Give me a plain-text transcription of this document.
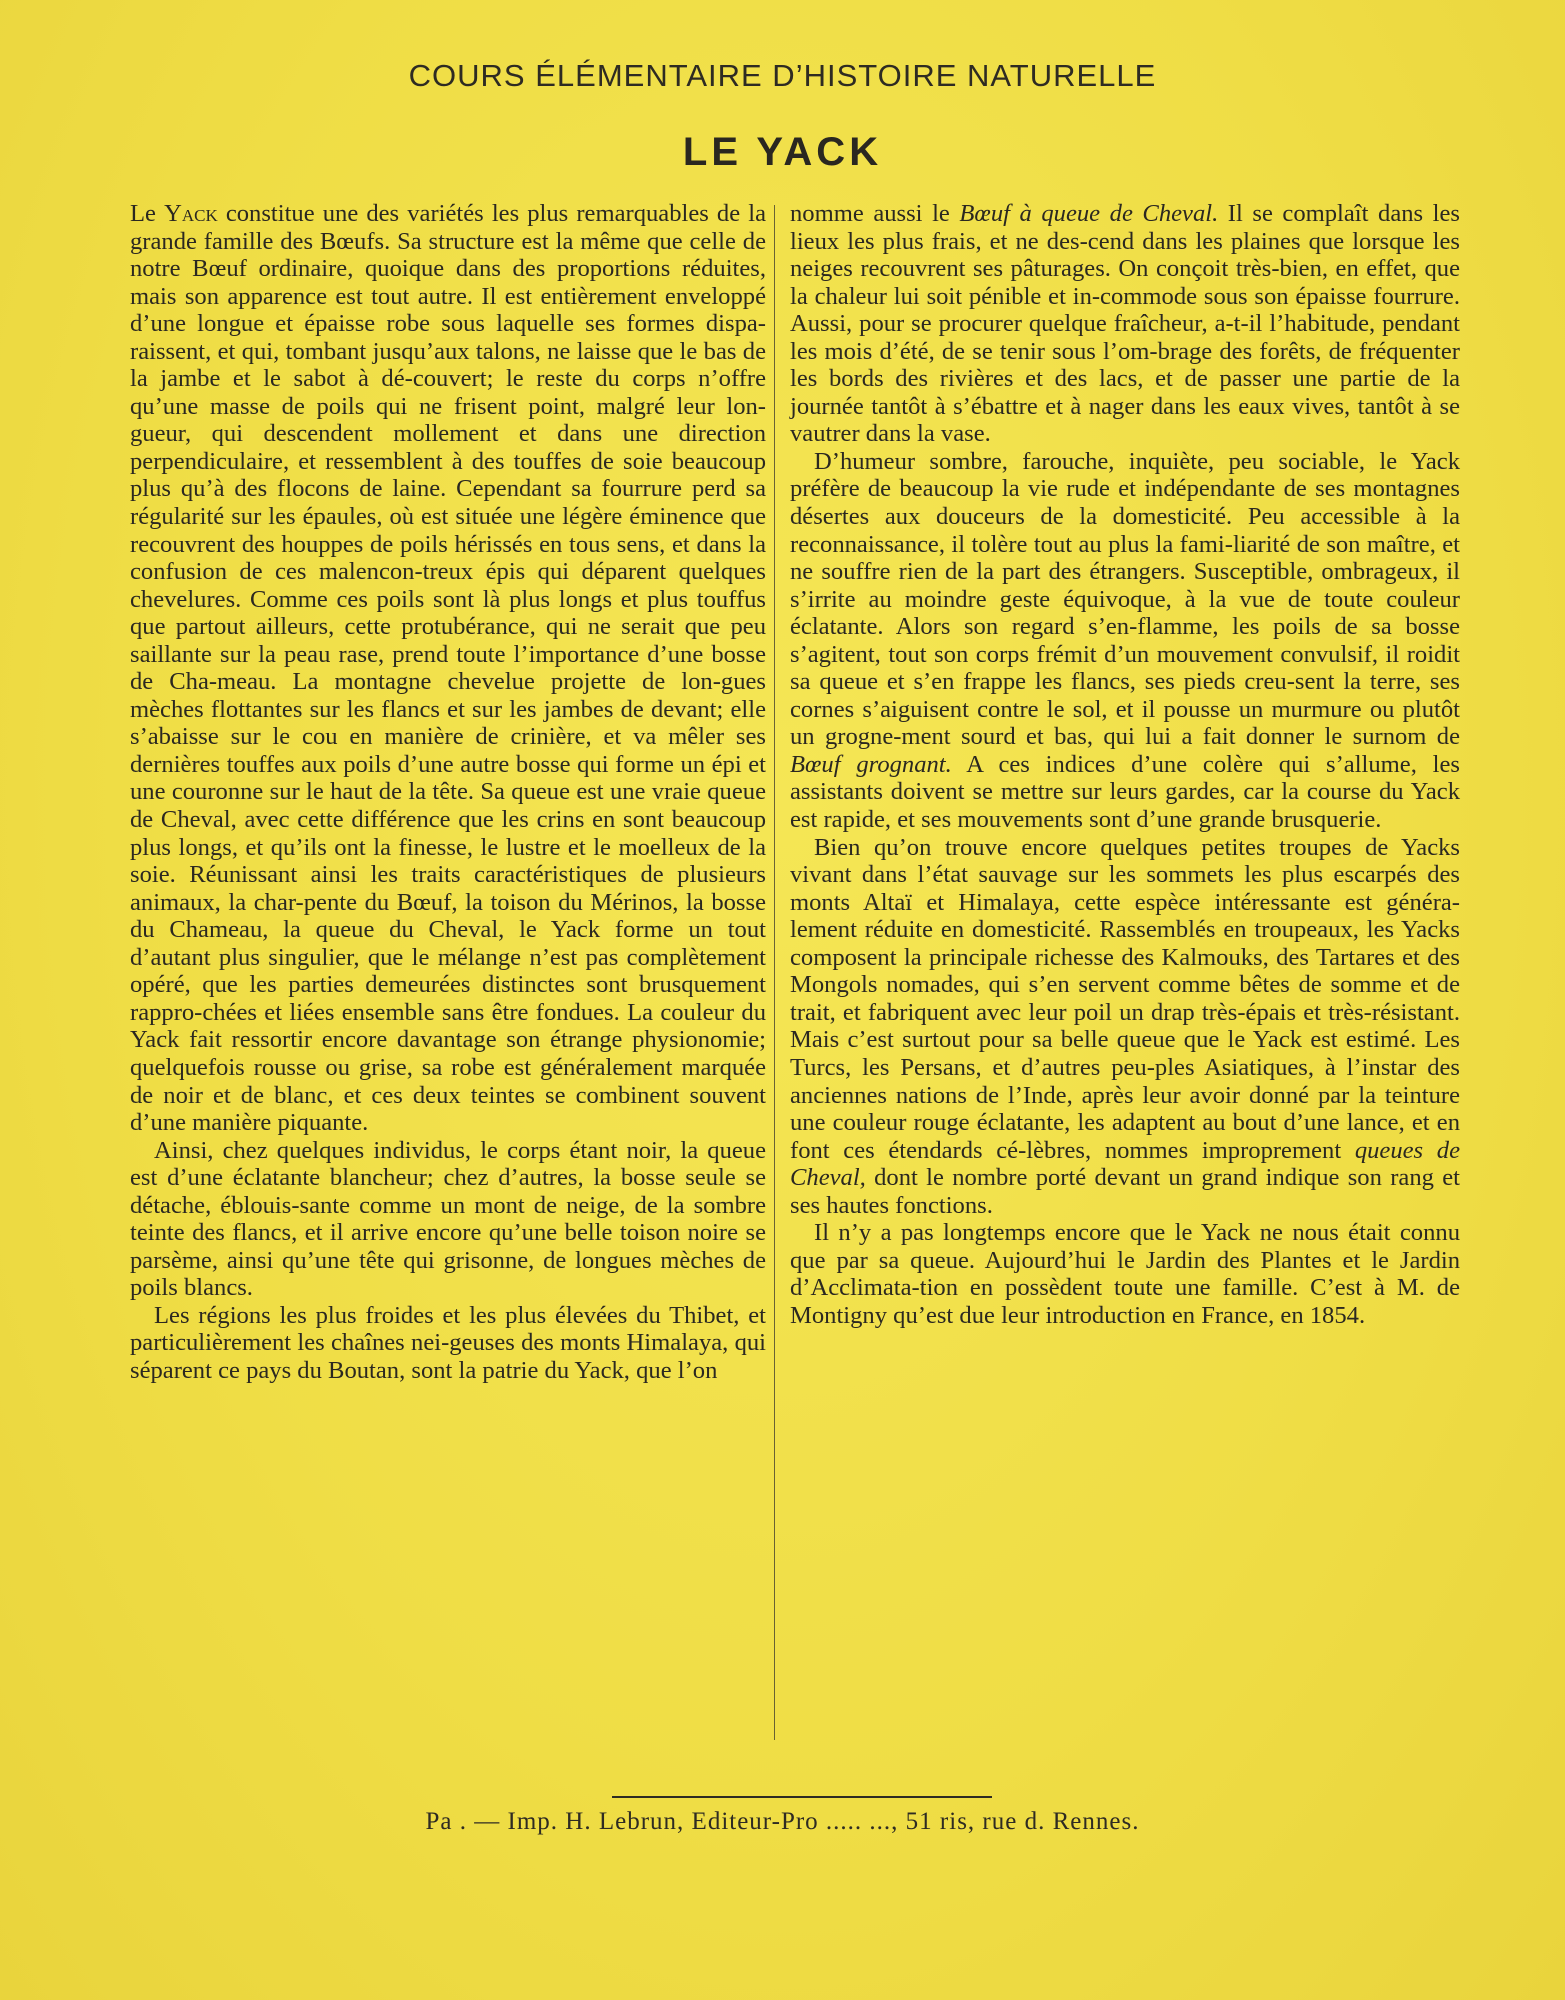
COURS ÉLÉMENTAIRE D’HISTOIRE NATURELLE
LE YACK

Le Yack constitue une des variétés les plus remarquables de la grande famille des Bœufs. Sa structure est la même que celle de notre Bœuf ordinaire, quoique dans des proportions réduites, mais son apparence est tout autre. Il est entièrement enveloppé d’une longue et épaisse robe sous laquelle ses formes dispa-raissent, et qui, tombant jusqu’aux talons, ne laisse que le bas de la jambe et le sabot à dé-couvert; le reste du corps n’offre qu’une masse de poils qui ne frisent point, malgré leur lon-gueur, qui descendent mollement et dans une direction perpendiculaire, et ressemblent à des touffes de soie beaucoup plus qu’à des flocons de laine. Cependant sa fourrure perd sa régularité sur les épaules, où est située une légère éminence que recouvrent des houppes de poils hérissés en tous sens, et dans la confusion de ces malencon-treux épis qui déparent quelques chevelures. Comme ces poils sont là plus longs et plus touffus que partout ailleurs, cette protubérance, qui ne serait que peu saillante sur la peau rase, prend toute l’importance d’une bosse de Cha-meau. La montagne chevelue projette de lon-gues mèches flottantes sur les flancs et sur les jambes de devant; elle s’abaisse sur le cou en manière de crinière, et va mêler ses dernières touffes aux poils d’une autre bosse qui forme un épi et une couronne sur le haut de la tête. Sa queue est une vraie queue de Cheval, avec cette différence que les crins en sont beaucoup plus longs, et qu’ils ont la finesse, le lustre et le moelleux de la soie. Réunissant ainsi les traits caractéristiques de plusieurs animaux, la char-pente du Bœuf, la toison du Mérinos, la bosse du Chameau, la queue du Cheval, le Yack forme un tout d’autant plus singulier, que le mélange n’est pas complètement opéré, que les parties demeurées distinctes sont brusquement rappro-chées et liées ensemble sans être fondues. La couleur du Yack fait ressortir encore davantage son étrange physionomie; quelquefois rousse ou grise, sa robe est généralement marquée de noir et de blanc, et ces deux teintes se combinent souvent d’une manière piquante.

Ainsi, chez quelques individus, le corps étant noir, la queue est d’une éclatante blancheur; chez d’autres, la bosse seule se détache, éblouis-sante comme un mont de neige, de la sombre teinte des flancs, et il arrive encore qu’une belle toison noire se parsème, ainsi qu’une tête qui grisonne, de longues mèches de poils blancs.

Les régions les plus froides et les plus élevées du Thibet, et particulièrement les chaînes nei-geuses des monts Himalaya, qui séparent ce pays du Boutan, sont la patrie du Yack, que l’on

nomme aussi le Bœuf à queue de Cheval. Il se complaît dans les lieux les plus frais, et ne des-cend dans les plaines que lorsque les neiges recouvrent ses pâturages. On conçoit très-bien, en effet, que la chaleur lui soit pénible et in-commode sous son épaisse fourrure. Aussi, pour se procurer quelque fraîcheur, a-t-il l’habitude, pendant les mois d’été, de se tenir sous l’om-brage des forêts, de fréquenter les bords des rivières et des lacs, et de passer une partie de la journée tantôt à s’ébattre et à nager dans les eaux vives, tantôt à se vautrer dans la vase.

D’humeur sombre, farouche, inquiète, peu sociable, le Yack préfère de beaucoup la vie rude et indépendante de ses montagnes désertes aux douceurs de la domesticité. Peu accessible à la reconnaissance, il tolère tout au plus la fami-liarité de son maître, et ne souffre rien de la part des étrangers. Susceptible, ombrageux, il s’irrite au moindre geste équivoque, à la vue de toute couleur éclatante. Alors son regard s’en-flamme, les poils de sa bosse s’agitent, tout son corps frémit d’un mouvement convulsif, il roidit sa queue et s’en frappe les flancs, ses pieds creu-sent la terre, ses cornes s’aiguisent contre le sol, et il pousse un murmure ou plutôt un grogne-ment sourd et bas, qui lui a fait donner le surnom de Bœuf grognant. A ces indices d’une colère qui s’allume, les assistants doivent se mettre sur leurs gardes, car la course du Yack est rapide, et ses mouvements sont d’une grande brusquerie.

Bien qu’on trouve encore quelques petites troupes de Yacks vivant dans l’état sauvage sur les sommets les plus escarpés des monts Altaï et Himalaya, cette espèce intéressante est généra-lement réduite en domesticité. Rassemblés en troupeaux, les Yacks composent la principale richesse des Kalmouks, des Tartares et des Mongols nomades, qui s’en servent comme bêtes de somme et de trait, et fabriquent avec leur poil un drap très-épais et très-résistant. Mais c’est surtout pour sa belle queue que le Yack est estimé. Les Turcs, les Persans, et d’autres peu-ples Asiatiques, à l’instar des anciennes nations de l’Inde, après leur avoir donné par la teinture une couleur rouge éclatante, les adaptent au bout d’une lance, et en font ces étendards cé-lèbres, nommes improprement queues de Cheval, dont le nombre porté devant un grand indique son rang et ses hautes fonctions.

Il n’y a pas longtemps encore que le Yack ne nous était connu que par sa queue. Aujourd’hui le Jardin des Plantes et le Jardin d’Acclimata-tion en possèdent toute une famille. C’est à M. de Montigny qu’est due leur introduction en France, en 1854.

Pa . — Imp. H. Lebrun, Editeur-Pro ..... ..., 51 ris, rue d. Rennes.
